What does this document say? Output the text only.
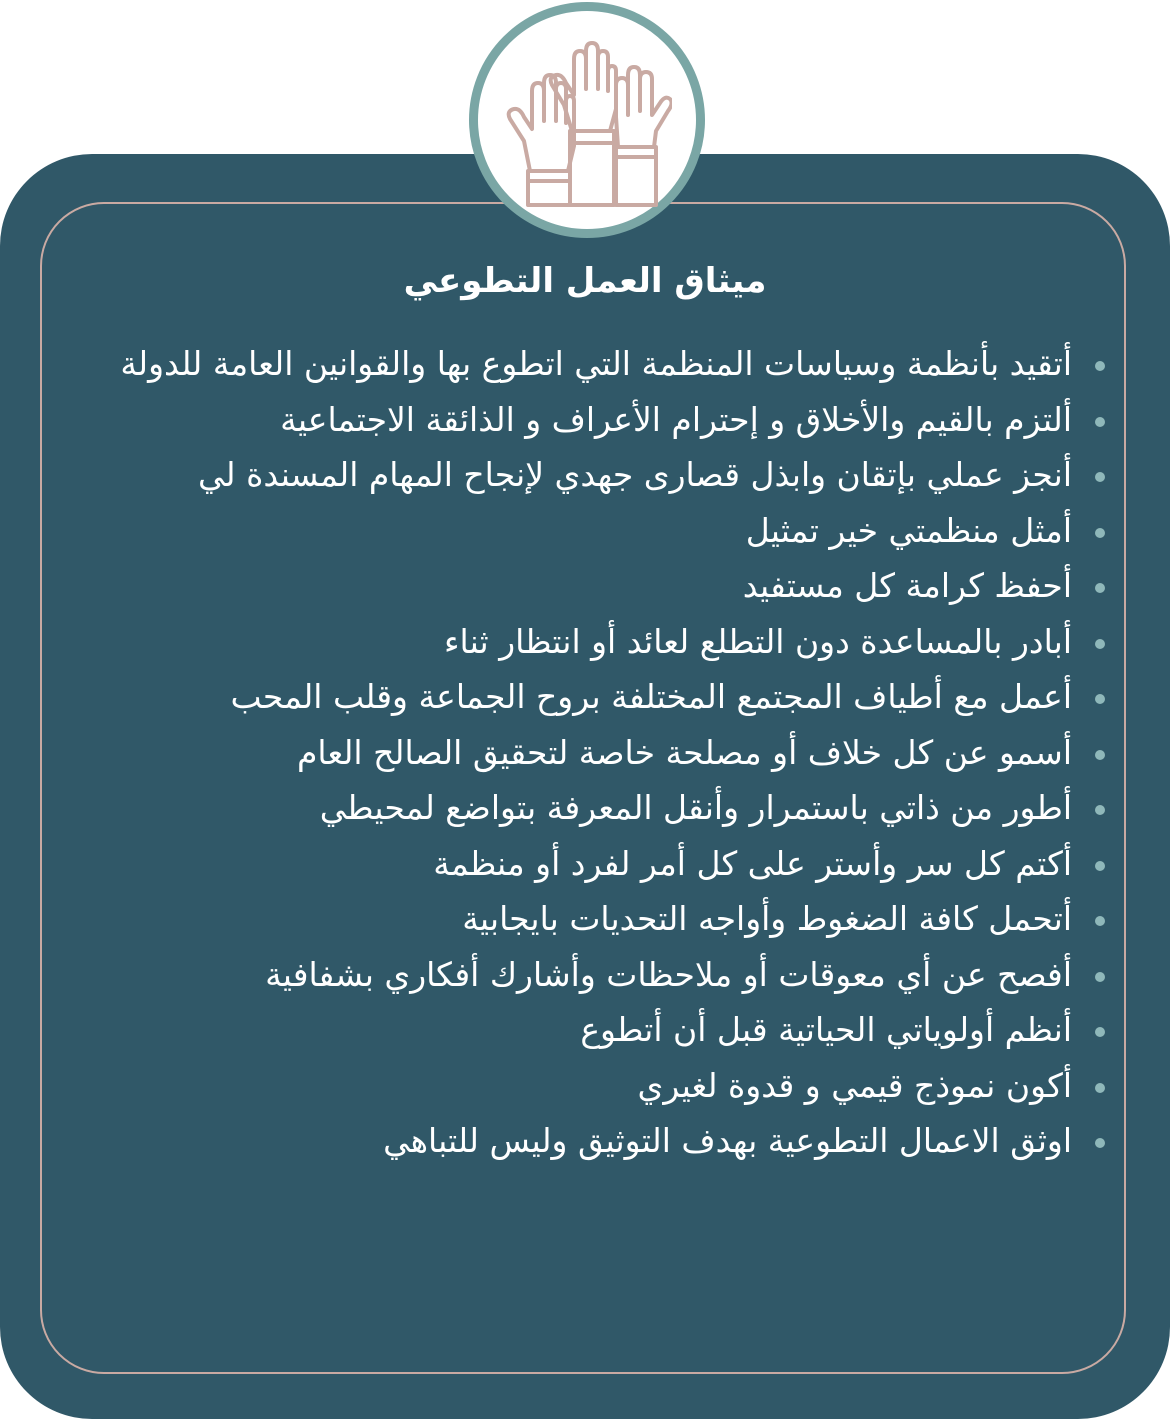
ميثاق العمل التطوعي
أتقيد بأنظمة وسياسات المنظمة التي اتطوع بها والقوانين العامة للدولة
ألتزم بالقيم والأخلاق و إحترام الأعراف و الذائقة الاجتماعية
أنجز عملي بإتقان وابذل قصارى جهدي لإنجاح المهام المسندة لي
أمثل منظمتي خير تمثيل
أحفظ كرامة كل مستفيد
أبادر بالمساعدة دون التطلع لعائد أو انتظار ثناء
أعمل مع أطياف المجتمع المختلفة بروح الجماعة وقلب المحب
أسمو عن كل خلاف أو مصلحة خاصة لتحقيق الصالح العام
أطور من ذاتي باستمرار وأنقل المعرفة بتواضع لمحيطي
أكتم كل سر وأستر على كل أمر لفرد أو منظمة
أتحمل كافة الضغوط وأواجه التحديات بايجابية
أفصح عن أي معوقات أو ملاحظات وأشارك أفكاري بشفافية
أنظم أولوياتي الحياتية قبل أن أتطوع
أكون نموذج قيمي و قدوة لغيري
اوثق الاعمال التطوعية بهدف التوثيق وليس للتباهي
